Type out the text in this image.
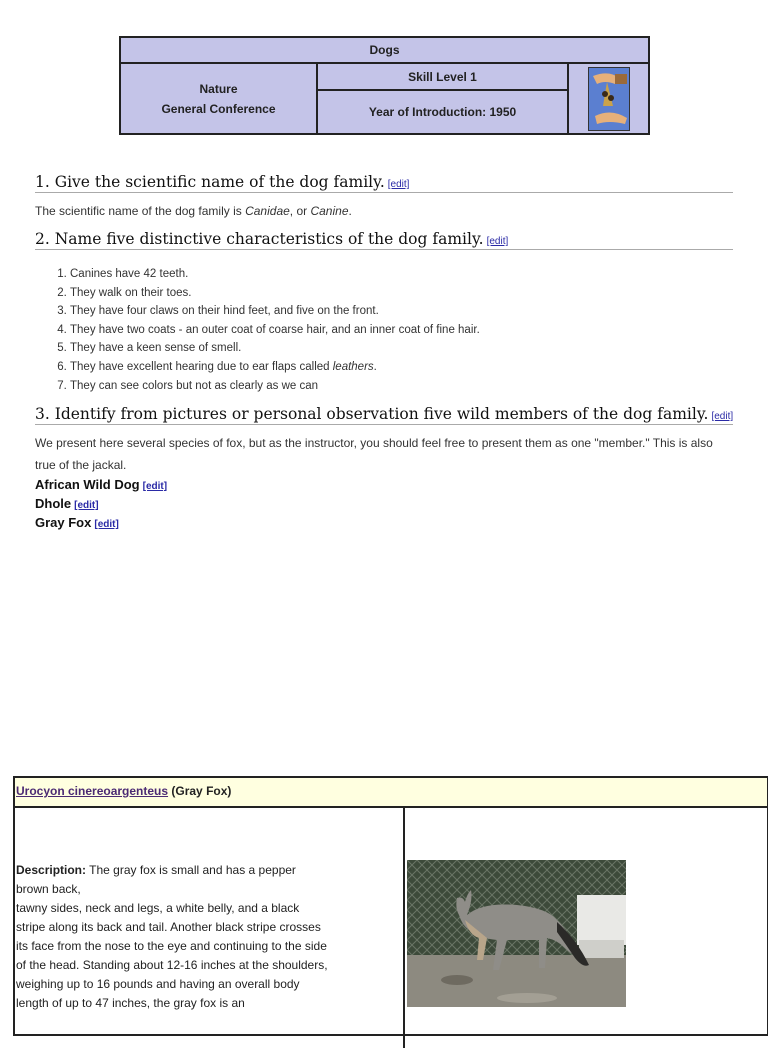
Dogs
Nature
General Conference
Skill Level 1
Year of Introduction: 1950
1. Give the scientific name of the dog family. [edit]
The scientific name of the dog family is Canidae, or Canine.
2. Name five distinctive characteristics of the dog family. [edit]
1. Canines have 42 teeth.
2. They walk on their toes.
3. They have four claws on their hind feet, and five on the front.
4. They have two coats - an outer coat of coarse hair, and an inner coat of fine hair.
5. They have a keen sense of smell.
6. They have excellent hearing due to ear flaps called leathers.
7. They can see colors but not as clearly as we can
3. Identify from pictures or personal observation five wild members of the dog family. [edit]
We present here several species of fox, but as the instructor, you should feel free to present them as one "member." This is also true of the jackal.
African Wild Dog [edit]
Dhole [edit]
Gray Fox [edit]
Urocyon cinereoargenteus (Gray Fox)
Description: The gray fox is small and has a pepper brown back,
tawny sides, neck and legs, a white belly, and a black stripe along its back and tail. Another black stripe crosses its face from the nose to the eye and continuing to the side of the head. Standing about 12-16 inches at the shoulders, weighing up to 16 pounds and having an overall body length of up to 47 inches, the gray fox is an
